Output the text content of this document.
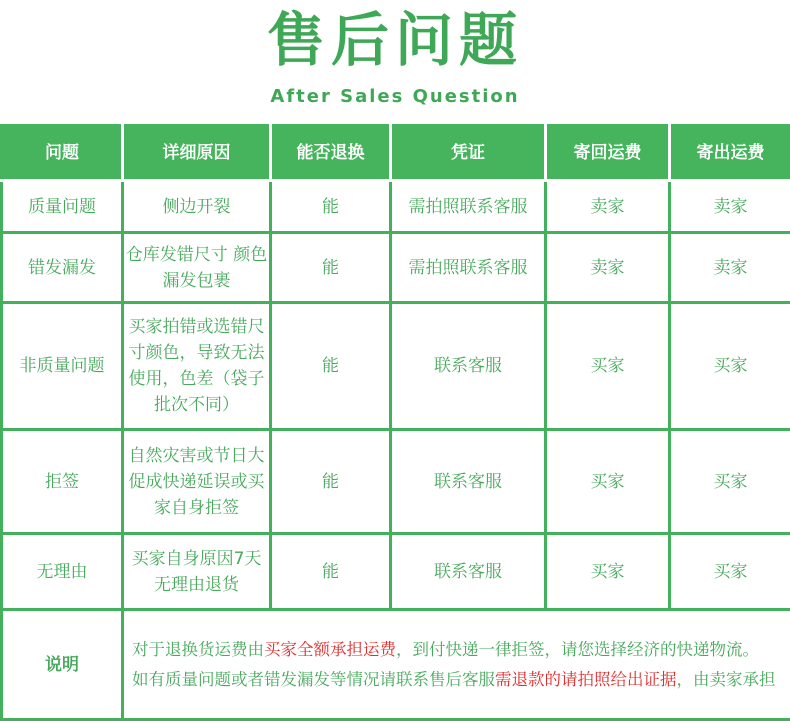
售后问题
After Sales Question
问题	详细原因	能否退换	凭证	寄回运费	寄出运费
质量问题	侧边开裂	能	需拍照联系客服	卖家	卖家
错发漏发	仓库发错尺寸 颜色漏发包裹	能	需拍照联系客服	卖家	卖家
非质量问题	买家拍错或选错尺寸颜色，导致无法使用，色差（袋子批次不同）	能	联系客服	买家	买家
拒签	自然灾害或节日大促成快递延误或买家自身拒签	能	联系客服	买家	买家
无理由	买家自身原因7天无理由退货	能	联系客服	买家	买家
说明	对于退换货运费由买家全额承担运费，到付快递一律拒签，请您选择经济的快递物流。
如有质量问题或者错发漏发等情况请联系售后客服需退款的请拍照给出证据，由卖家承担				
